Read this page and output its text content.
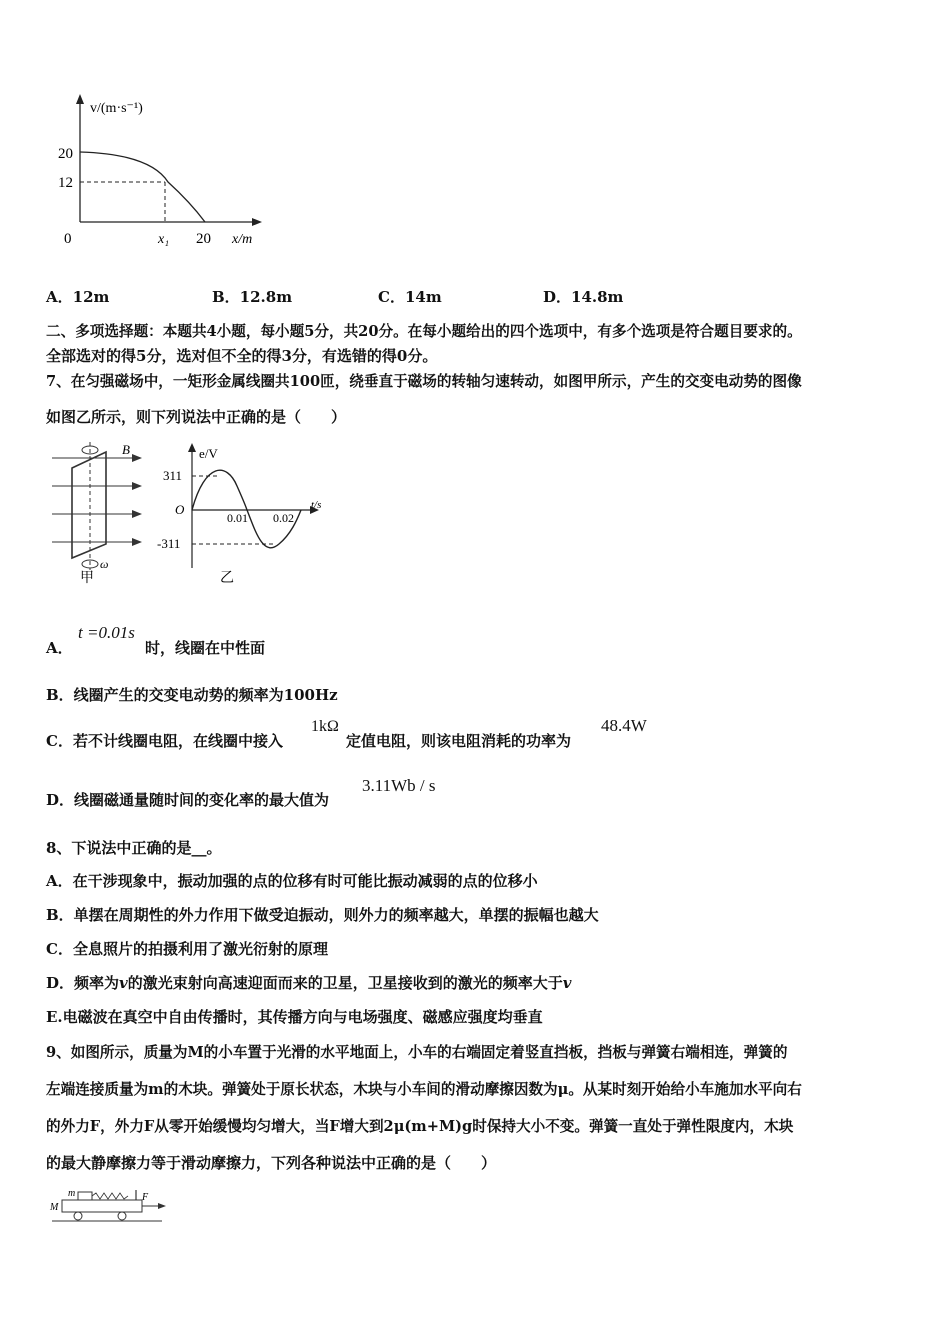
v/(m·s⁻¹)
20
12
0	x₁ 20 x/m
A．12m	B．12.8m	C．14m	D．14.8m
二、多项选择题：本题共4小题，每小题5分，共20分。在每小题给出的四个选项中，有多个选项是符合题目要求的。
全部选对的得5分，选对但不全的得3分，有选错的得0分。
7、在匀强磁场中，一矩形金属线圈共100匝，绕垂直于磁场的转轴匀速转动，如图甲所示，产生的交变电动势的图像
如图乙所示，则下列说法中正确的是（　　）
B
ω
甲
e/V
311
O
-311
0.01 0.02
t/s
乙
A．	时，线圈在中性面
t =0.01s
B．线圈产生的交变电动势的频率为100Hz
C．若不计线圈电阻，在线圈中接入	定值电阻，则该电阻消耗的功率为
1kΩ	48.4W
D．线圈磁通量随时间的变化率的最大值为
3.11Wb / s
8、下说法中正确的是__。
A．在干涉现象中，振动加强的点的位移有时可能比振动减弱的点的位移小
B．单摆在周期性的外力作用下做受迫振动，则外力的频率越大，单摆的振幅也越大
C．全息照片的拍摄利用了激光衍射的原理
D．频率为v的激光束射向高速迎面而来的卫星，卫星接收到的激光的频率大于v
E.电磁波在真空中自由传播时，其传播方向与电场强度、磁感应强度均垂直
9、如图所示，质量为M的小车置于光滑的水平地面上，小车的右端固定着竖直挡板，挡板与弹簧右端相连，弹簧的
左端连接质量为m的木块。弹簧处于原长状态，木块与小车间的滑动摩擦因数为μ。从某时刻开始给小车施加水平向右
的外力F，外力F从零开始缓慢均匀增大，当F增大到2μ(m+M)g时保持大小不变。弹簧一直处于弹性限度内，木块
的最大静摩擦力等于滑动摩擦力，下列各种说法中正确的是（　　）
m
M
F
